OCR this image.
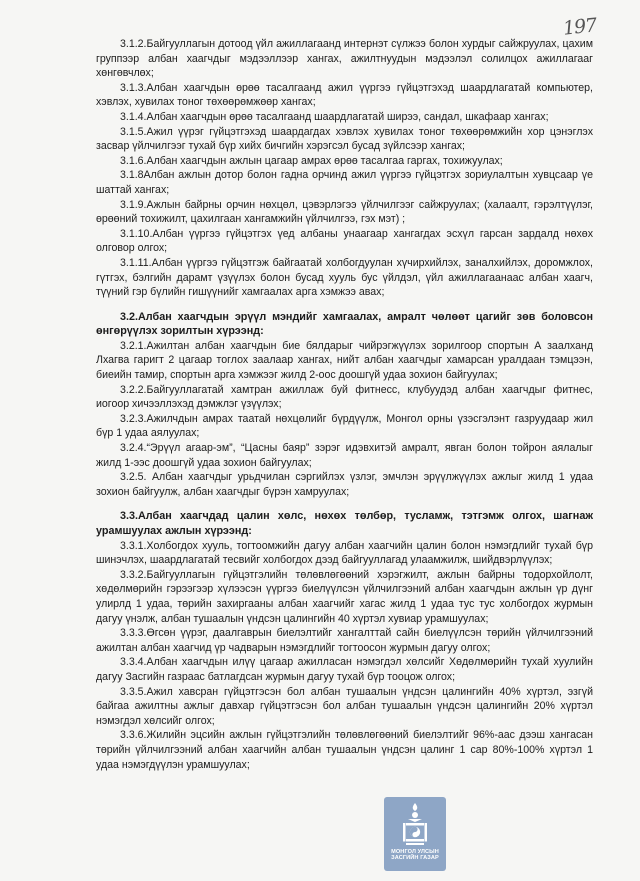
197

3.1.2.Байгууллагын дотоод үйл ажиллагаанд интернэт сүлжээ болон хурдыг сайжруулах, цахим группээр албан хаагчдыг мэдээллээр хангах, ажилтнуудын мэдээлэл солилцох ажиллагааг хөнгөвчлөх;

3.1.3.Албан хаагчдын өрөө тасалгаанд ажил үүргээ гүйцэтгэхэд шаардлагатай компьютер, хэвлэх, хувилах тоног төхөөрөмжөөр хангах;

3.1.4.Албан хаагчдын өрөө тасалгаанд шаардлагатай ширээ, сандал, шкафаар хангах;

3.1.5.Ажил үүрэг гүйцэтгэхэд шаардагдах хэвлэх хувилах тоног төхөөрөмжийн хор цэнэглэх засвар үйлчилгээг тухай бүр хийх бичгийн хэрэгсэл бусад зүйлсээр хангах;

3.1.6.Албан хаагчдын ажлын цагаар амрах өрөө тасалгаа гаргах, тохижуулах;

3.1.8Албан ажлын дотор болон гадна орчинд ажил үүргээ гүйцэтгэх зориулалтын хувцсаар үе шаттай хангах;

3.1.9.Ажлын байрны орчин нөхцөл, цэвэрлэгээ үйлчилгээг сайжруулах; (халаалт, гэрэлтүүлэг, өрөөний тохижилт, цахилгаан хангамжийн үйлчилгээ, гэх мэт) ;

3.1.10.Албан үүргээ гүйцэтгэх үед албаны унаагаар хангагдах эсхүл гарсан зардалд нөхөх олговор олгох;

3.1.11.Албан үүргээ гүйцэтгэж байгаатай холбогдуулан хүчирхийлэх, заналхийлэх, доромжлох, гүтгэх, бэлгийн дарамт үзүүлэх болон бусад хууль бус үйлдэл, үйл ажиллагаанаас албан хаагч, түүний гэр бүлийн гишүүнийг хамгаалах арга хэмжээ авах;

3.2.Албан хаагчдын эрүүл мэндийг хамгаалах, амралт чөлөөт цагийг зөв боловсон өнгөрүүлэх зорилтын хүрээнд:

3.2.1.Ажилтан албан хаагчдын бие бялдарыг чийрэгжүүлэх зорилгоор спортын А заалханд Лхагва гаригт 2 цагаар тоглох заалаар хангах, нийт албан хаагчдыг хамарсан уралдаан тэмцээн, биеийн тамир, спортын арга хэмжээг жилд 2-оос доошгүй удаа зохион байгуулах;

3.2.2.Байгууллагатай хамтран ажиллаж буй фитнесс, клубуудэд албан хаагчдыг фитнес, иогоор хичээллэхэд дэмжлэг үзүүлэх;

3.2.3.Ажилчдын амрах таатай нөхцөлийг бүрдүүлж, Монгол орны үзэсгэлэнт газруудаар жил бүр 1 удаа аялуулах;

3.2.4.“Эрүүл агаар-эм”, “Цасны баяр” зэрэг идэвхитэй амралт, явган болон тойрон аялалыг жилд 1-ээс доошгүй удаа зохион байгуулах;

3.2.5. Албан хаагчдыг урьдчилан сэргийлэх үзлэг, эмчлэн эрүүлжүүлэх ажлыг жилд 1 удаа зохион байгуулж, албан хаагчдыг бүрэн хамруулах;

3.3.Албан хаагчдад цалин хөлс, нөхөх төлбөр, тусламж, тэтгэмж олгох, шагнаж урамшуулах ажлын хүрээнд:

3.3.1.Холбогдох хууль, тогтоомжийн дагуу албан хаагчийн цалин болон нэмэгдлийг тухай бүр шинэчлэх, шаардлагатай тесвийг холбогдох дээд байгууллагад улаамжилж, шийдвэрлүүлэх;

3.3.2.Байгууллагын гүйцэтгэлийн төлөвлөгөөний хэрэгжилт, ажлын байрны тодорхойлолт, хөдөлмөрийн гэрээгээр хүлээсэн үүргээ биелүүлсэн үйлчилгээний албан хаагчдын ажлын үр дүнг улирлд 1 удаа, төрийн захиргааны албан хаагчийг хагас жилд 1 удаа тус тус холбогдох журмын дагуу үнэлж, албан тушаалын үндсэн цалингийн 40 хүртэл хувиар урамшуулах;

3.3.3.Өгсөн үүрэг, даалгаврын биелэлтийг хангалттай сайн биелүүлсэн төрийн үйлчилгээний ажилтан албан хаагчид үр чадварын нэмэгдлийг тогтоосон журмын дагуу олгох;

3.3.4.Албан хаагчдын илүү цагаар ажилласан нэмэгдэл хөлсийг Хөдөлмөрийн тухай хуулийн дагуу Засгийн газраас батлагдсан журмын дагуу тухай бүр тооцож олгох;

3.3.5.Ажил хавсран гүйцэтгэсэн бол албан тушаалын үндсэн цалингийн 40% хүртэл, эзгүй байгаа ажилтны ажлыг давхар гүйцэтгэсэн бол албан тушаалын үндсэн цалингийн 20% хүртэл нэмэгдэл хөлсийг олгох;

3.3.6.Жилийн эцсийн ажлын гүйцэтгэлийн төлөвлөгөөний биелэлтийг 96%-аас дээш хангасан төрийн үйлчилгээний албан хаагчийн албан тушаалын үндсэн цалинг 1 сар 80%-100% хүртэл 1 удаа нэмэгдүүлэн урамшуулах;

МОНГОЛ УЛСЫН
ЗАСГИЙН ГАЗАР
